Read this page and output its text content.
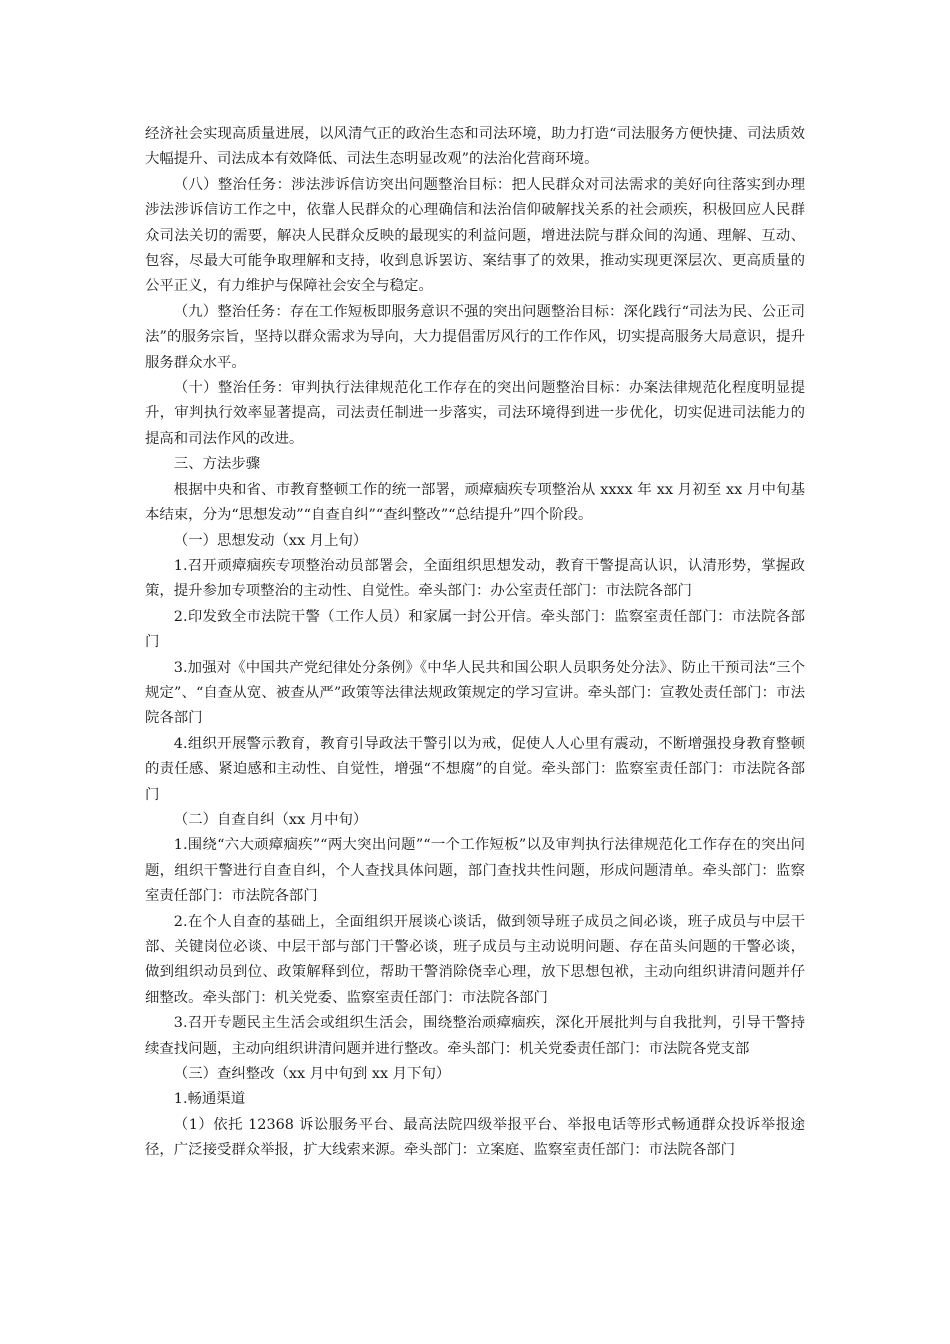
经济社会实现高质量进展，以风清气正的政治生态和司法环境，助力打造“司法服务方便快捷、司法质效大幅提升、司法成本有效降低、司法生态明显改观”的法治化营商环境。

（八）整治任务：涉法涉诉信访突出问题整治目标：把人民群众对司法需求的美好向往落实到办理涉法涉诉信访工作之中，依靠人民群众的心理确信和法治信仰破解找关系的社会顽疾，积极回应人民群众司法关切的需要，解决人民群众反映的最现实的利益问题，增进法院与群众间的沟通、理解、互动、包容，尽最大可能争取理解和支持，收到息诉罢访、案结事了的效果，推动实现更深层次、更高质量的公平正义，有力维护与保障社会安全与稳定。

（九）整治任务：存在工作短板即服务意识不强的突出问题整治目标：深化践行“司法为民、公正司法”的服务宗旨，坚持以群众需求为导向，大力提倡雷厉风行的工作作风，切实提高服务大局意识，提升服务群众水平。

（十）整治任务：审判执行法律规范化工作存在的突出问题整治目标：办案法律规范化程度明显提升，审判执行效率显著提高，司法责任制进一步落实，司法环境得到进一步优化，切实促进司法能力的提高和司法作风的改进。

三、方法步骤

根据中央和省、市教育整顿工作的统一部署，顽瘴痼疾专项整治从 xxxx 年 xx 月初至 xx 月中旬基本结束，分为“思想发动”“自查自纠”“查纠整改”“总结提升”四个阶段。

（一）思想发动（xx 月上旬）

1.召开顽瘴痼疾专项整治动员部署会，全面组织思想发动，教育干警提高认识，认清形势，掌握政策，提升参加专项整治的主动性、自觉性。牵头部门：办公室责任部门：市法院各部门

2.印发致全市法院干警（工作人员）和家属一封公开信。牵头部门：监察室责任部门：市法院各部门

3.加强对《中国共产党纪律处分条例》《中华人民共和国公职人员职务处分法》、防止干预司法“三个规定”、“自查从宽、被查从严”政策等法律法规政策规定的学习宣讲。牵头部门：宣教处责任部门：市法院各部门

4.组织开展警示教育，教育引导政法干警引以为戒，促使人人心里有震动，不断增强投身教育整顿的责任感、紧迫感和主动性、自觉性，增强“不想腐”的自觉。牵头部门：监察室责任部门：市法院各部门

（二）自查自纠（xx 月中旬）

1.围绕“六大顽瘴痼疾”“两大突出问题”“一个工作短板”以及审判执行法律规范化工作存在的突出问题，组织干警进行自查自纠，个人查找具体问题，部门查找共性问题，形成问题清单。牵头部门：监察室责任部门：市法院各部门

2.在个人自查的基础上，全面组织开展谈心谈话，做到领导班子成员之间必谈，班子成员与中层干部、关键岗位必谈、中层干部与部门干警必谈，班子成员与主动说明问题、存在苗头问题的干警必谈，做到组织动员到位、政策解释到位，帮助干警消除侥幸心理，放下思想包袱，主动向组织讲清问题并仔细整改。牵头部门：机关党委、监察室责任部门：市法院各部门

3.召开专题民主生活会或组织生活会，围绕整治顽瘴痼疾，深化开展批判与自我批判，引导干警持续查找问题，主动向组织讲清问题并进行整改。牵头部门：机关党委责任部门：市法院各党支部

（三）查纠整改（xx 月中旬到 xx 月下旬）

1.畅通渠道

（1）依托 12368 诉讼服务平台、最高法院四级举报平台、举报电话等形式畅通群众投诉举报途径，广泛接受群众举报，扩大线索来源。牵头部门：立案庭、监察室责任部门：市法院各部门
